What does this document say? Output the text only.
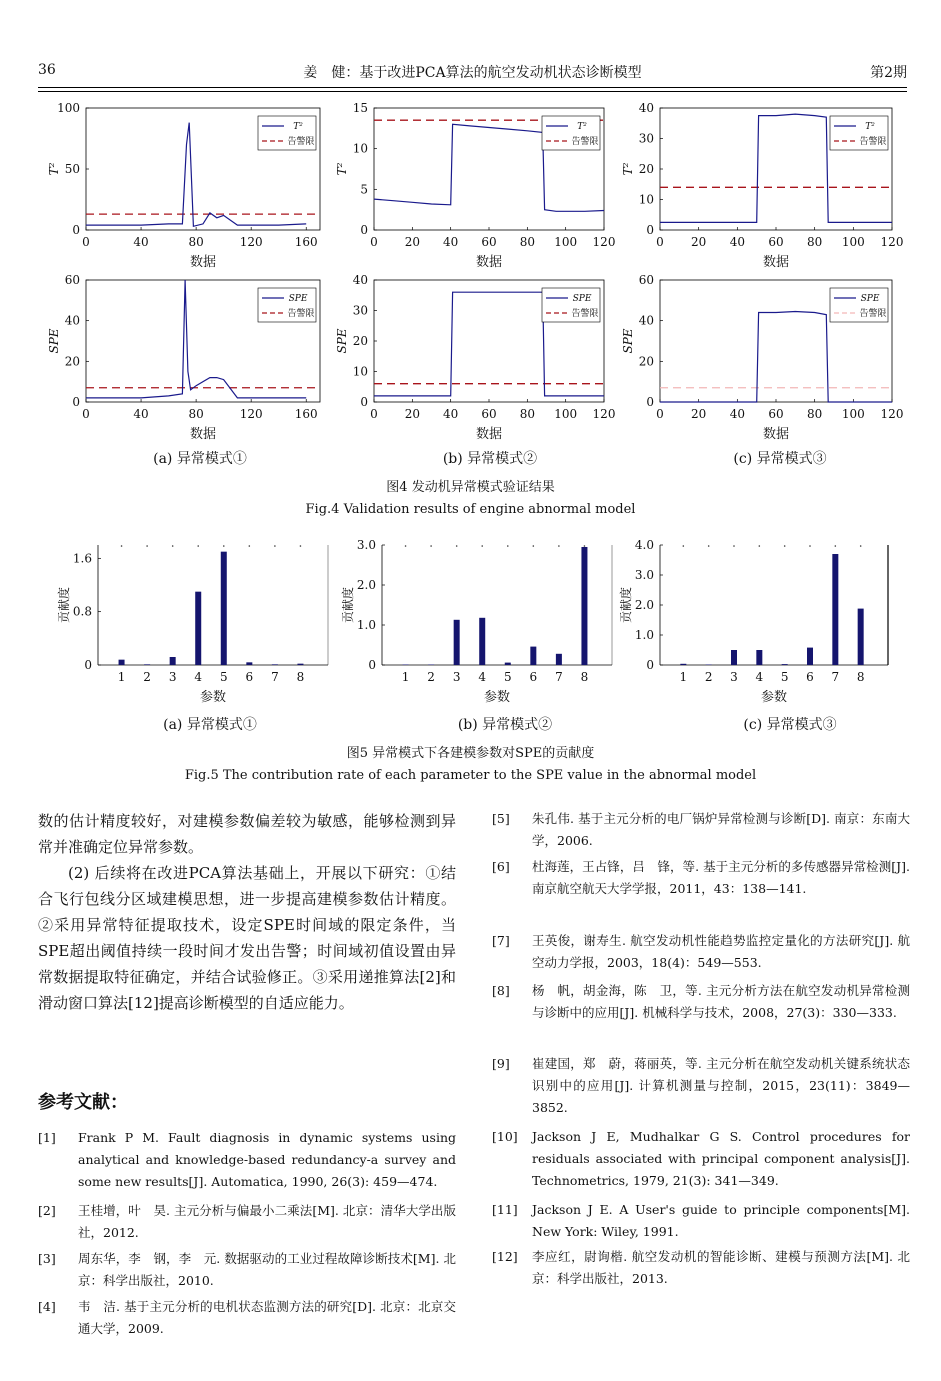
36	姜　健：基于改进PCA算法的航空发动机状态诊断模型	第2期
0	40	80	120	160
0
50
100
数据
T²
T²
告警限
0 20 40 60 80 100 120
0
5
10
15
数据
T²
T²
告警限
0 20 40 60 80 100 120
0
10
20
30
40
数据
T²
T²
告警限
0	40	80	120	160
0
20
40
60
数据
SPE
SPE
告警限
0 20 40 60 80 100 120
0
10
20
30
40
数据
SPE
SPE
告警限
0 20 40 60 80 100 120
0
20
40
60
数据
SPE
SPE
告警限
0
0.8
1.6
1 2 3 4 5 6 7 8
参数
贡献度
0
1.0
2.0
3.0
1 2 3 4 5 6 7 8
参数
贡献度
0
1.0
2.0
3.0
4.0
1 2 3 4 5 6 7 8
参数
贡献度
(a) 异常模式①	(b) 异常模式②	(c) 异常模式③
图4 发动机异常模式验证结果
Fig.4 Validation results of engine abnormal model
(a) 异常模式①	(b) 异常模式②	(c) 异常模式③
图5 异常模式下各建模参数对SPE的贡献度
Fig.5 The contribution rate of each parameter to the SPE value in the abnormal model

数的估计精度较好，对建模参数偏差较为敏感，能够检测到异常并准确定位异常参数。

(2) 后续将在改进PCA算法基础上，开展以下研究：①结合飞行包线分区域建模思想，进一步提高建模参数估计精度。②采用异常特征提取技术，设定SPE时间域的限定条件，当SPE超出阈值持续一段时间才发出告警；时间域初值设置由异常数据提取特征确定，并结合试验修正。③采用递推算法[2]和滑动窗口算法[12]提高诊断模型的自适应能力。

参考文献：
[1] Frank P M. Fault diagnosis in dynamic systems using analytical and knowledge-based redundancy-a survey and some new results[J]. Automatica, 1990, 26(3): 459—474.
[2] 王桂增，叶　昊. 主元分析与偏最小二乘法[M]. 北京：清华大学出版社，2012.
[3] 周东华，李　钢，李　元. 数据驱动的工业过程故障诊断技术[M]. 北京：科学出版社，2010.
[4] 韦　洁. 基于主元分析的电机状态监测方法的研究[D]. 北京：北京交通大学，2009.
[5] 朱孔伟. 基于主元分析的电厂锅炉异常检测与诊断[D]. 南京：东南大学，2006.
[6] 杜海莲，王占锋，吕　锋，等. 基于主元分析的多传感器异常检测[J]. 南京航空航天大学学报，2011，43：138—141.
[7] 王英俊，谢寿生. 航空发动机性能趋势监控定量化的方法研究[J]. 航空动力学报，2003，18(4)：549—553.
[8] 杨　帆，胡金海，陈　卫，等. 主元分析方法在航空发动机异常检测与诊断中的应用[J]. 机械科学与技术，2008，27(3)：330—333.
[9] 崔建国，郑　蔚，蒋丽英，等. 主元分析在航空发动机关键系统状态识别中的应用[J]. 计算机测量与控制，2015，23(11)：3849—3852.
[10] Jackson J E, Mudhalkar G S. Control procedures for residuals associated with principal component analysis[J]. Technometrics, 1979, 21(3): 341—349.
[11] Jackson J E. A User's guide to principle components[M]. New York: Wiley, 1991.
[12] 李应红，尉询楷. 航空发动机的智能诊断、建模与预测方法[M]. 北京：科学出版社，2013.
